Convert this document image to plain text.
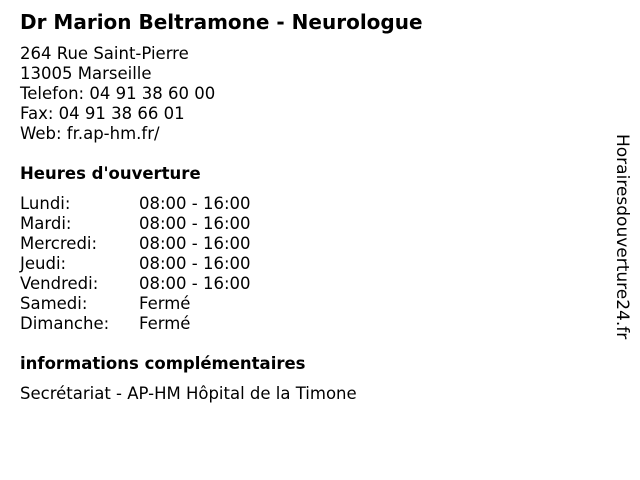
Dr Marion Beltramone - Neurologue
264 Rue Saint-Pierre
13005 Marseille
Telefon: 04 91 38 60 00
Fax: 04 91 38 66 01
Web: fr.ap-hm.fr/
Heures d'ouverture
Lundi:	08:00 - 16:00
Mardi:	08:00 - 16:00
Mercredi:	08:00 - 16:00
Jeudi:	08:00 - 16:00
Vendredi: 08:00 - 16:00
Samedi:	Fermé
Dimanche: Fermé
informations complémentaires
Secrétariat - AP-HM Hôpital de la Timone
Horairesdouverture24.fr
